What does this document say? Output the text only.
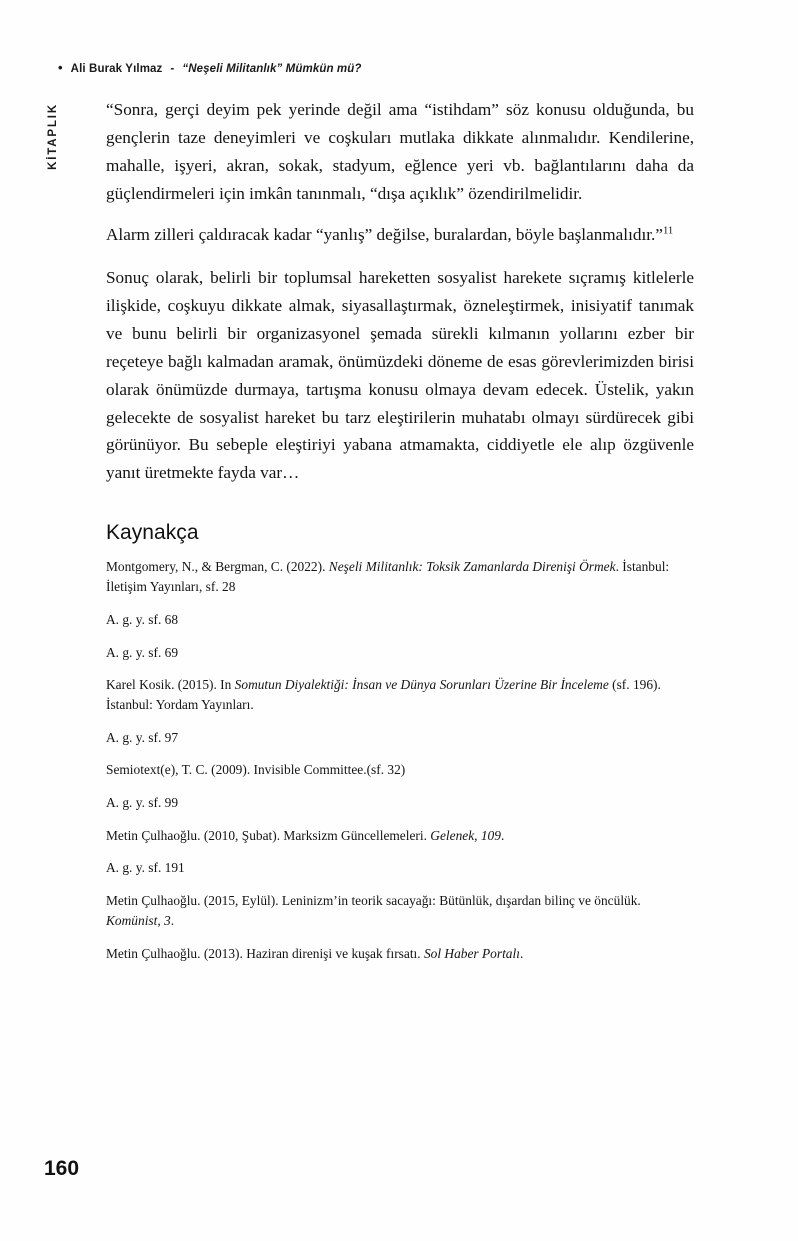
• Ali Burak Yılmaz - “Neşeli Militanlık” Mümkün mü?
KİTAPLIK	“Sonra, gerçi deyim pek yerinde değil ama “istihdam” söz konusu olduğunda, bu gençlerin taze deneyimleri ve coşkuları mutlaka dikkate alınmalıdır. Kendilerine, mahalle, işyeri, akran, sokak, stadyum, eğlence yeri vb. bağlantılarını daha da güçlendirmeleri için imkân tanınmalı, “dışa açıklık” özendirilmelidir.

Alarm zilleri çaldıracak kadar “yanlış” değilse, buralardan, böyle başlanmalıdır.”$^{11}$

Sonuç olarak, belirli bir toplumsal hareketten sosyalist harekete sıçramış kitlelerle ilişkide, coşkuyu dikkate almak, siyasallaştırmak, özneleştirmek, inisiyatif tanımak ve bunu belirli bir organizasyonel şemada sürekli kılmanın yollarını ezber bir reçeteye bağlı kalmadan aramak, önümüzdeki döneme de esas görevlerimizden birisi olarak önümüzde durmaya, tartışma konusu olmaya devam edecek. Üstelik, yakın gelecekte de sosyalist hareket bu tarz eleştirilerin muhatabı olmayı sürdürecek gibi görünüyor. Bu sebeple eleştiriyi yabana atmamakta, ciddiyetle ele alıp özgüvenle yanıt üretmekte fayda var…

Kaynakça
Montgomery, N., & Bergman, C. (2022). Neşeli Militanlık: Toksik Zamanlarda Direnişi Örmek. İstanbul: İletişim Yayınları, sf. 28
A. g. y. sf. 68
A. g. y. sf. 69
Karel Kosik. (2015). In Somutun Diyalektiği: İnsan ve Dünya Sorunları Üzerine Bir İnceleme (sf. 196). İstanbul: Yordam Yayınları.
A. g. y. sf. 97
Semiotext(e), T. C. (2009). Invisible Committee.(sf. 32)
A. g. y. sf. 99
Metin Çulhaoğlu. (2010, Şubat). Marksizm Güncellemeleri. Gelenek, 109.
A. g. y. sf. 191
Metin Çulhaoğlu. (2015, Eylül). Leninizm’in teorik sacayağı: Bütünlük, dışardan bilinç ve öncülük. Komünist, 3.
Metin Çulhaoğlu. (2013). Haziran direnişi ve kuşak fırsatı. Sol Haber Portalı.
160
